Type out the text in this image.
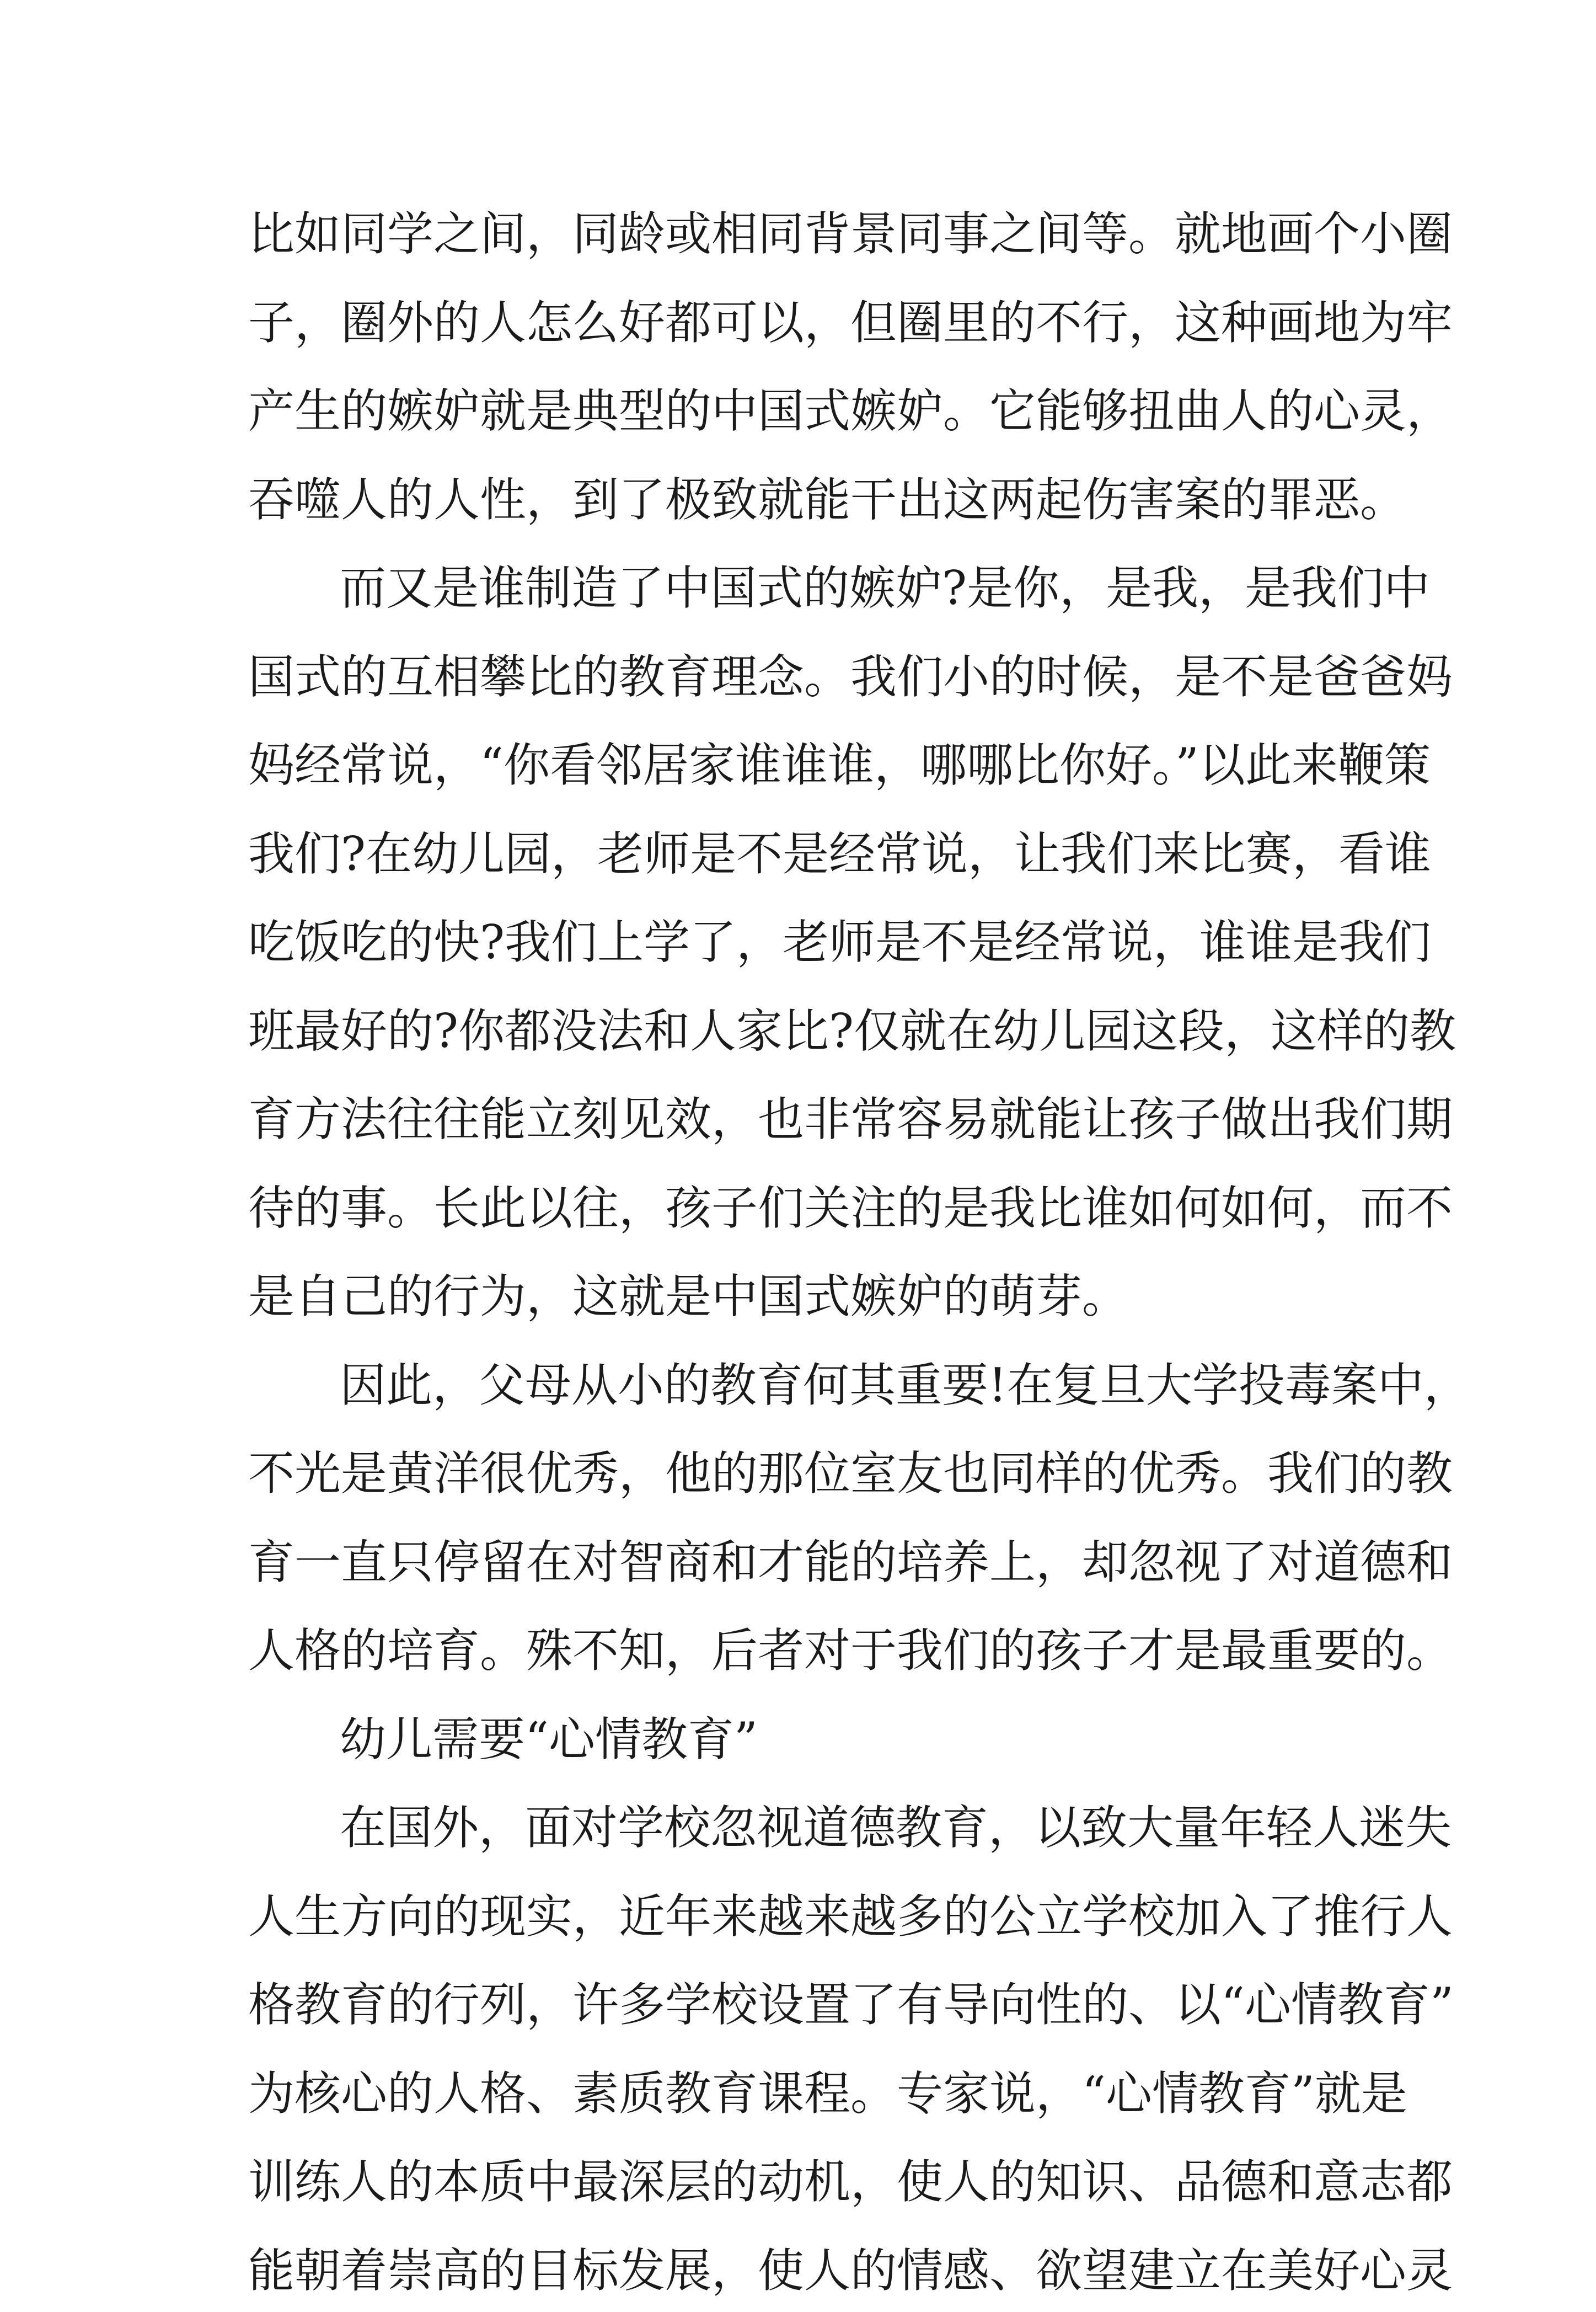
比如同学之间，同龄或相同背景同事之间等。就地画个小圈
子，圈外的人怎么好都可以，但圈里的不行，这种画地为牢
产生的嫉妒就是典型的中国式嫉妒。它能够扭曲人的心灵，
吞噬人的人性，到了极致就能干出这两起伤害案的罪恶。
而又是谁制造了中国式的嫉妒?是你，是我，是我们中
国式的互相攀比的教育理念。我们小的时候，是不是爸爸妈
妈经常说，“你看邻居家谁谁谁，哪哪比你好。”以此来鞭策
我们?在幼儿园，老师是不是经常说，让我们来比赛，看谁
吃饭吃的快?我们上学了，老师是不是经常说，谁谁是我们
班最好的?你都没法和人家比?仅就在幼儿园这段，这样的教
育方法往往能立刻见效，也非常容易就能让孩子做出我们期
待的事。长此以往，孩子们关注的是我比谁如何如何，而不
是自己的行为，这就是中国式嫉妒的萌芽。
因此，父母从小的教育何其重要!在复旦大学投毒案中，
不光是黄洋很优秀，他的那位室友也同样的优秀。我们的教
育一直只停留在对智商和才能的培养上，却忽视了对道德和
人格的培育。殊不知，后者对于我们的孩子才是最重要的。
幼儿需要“心情教育”
在国外，面对学校忽视道德教育，以致大量年轻人迷失
人生方向的现实，近年来越来越多的公立学校加入了推行人
格教育的行列，许多学校设置了有导向性的、以“心情教育”
为核心的人格、素质教育课程。专家说，“心情教育”就是
训练人的本质中最深层的动机，使人的知识、品德和意志都
能朝着崇高的目标发展，使人的情感、欲望建立在美好心灵
